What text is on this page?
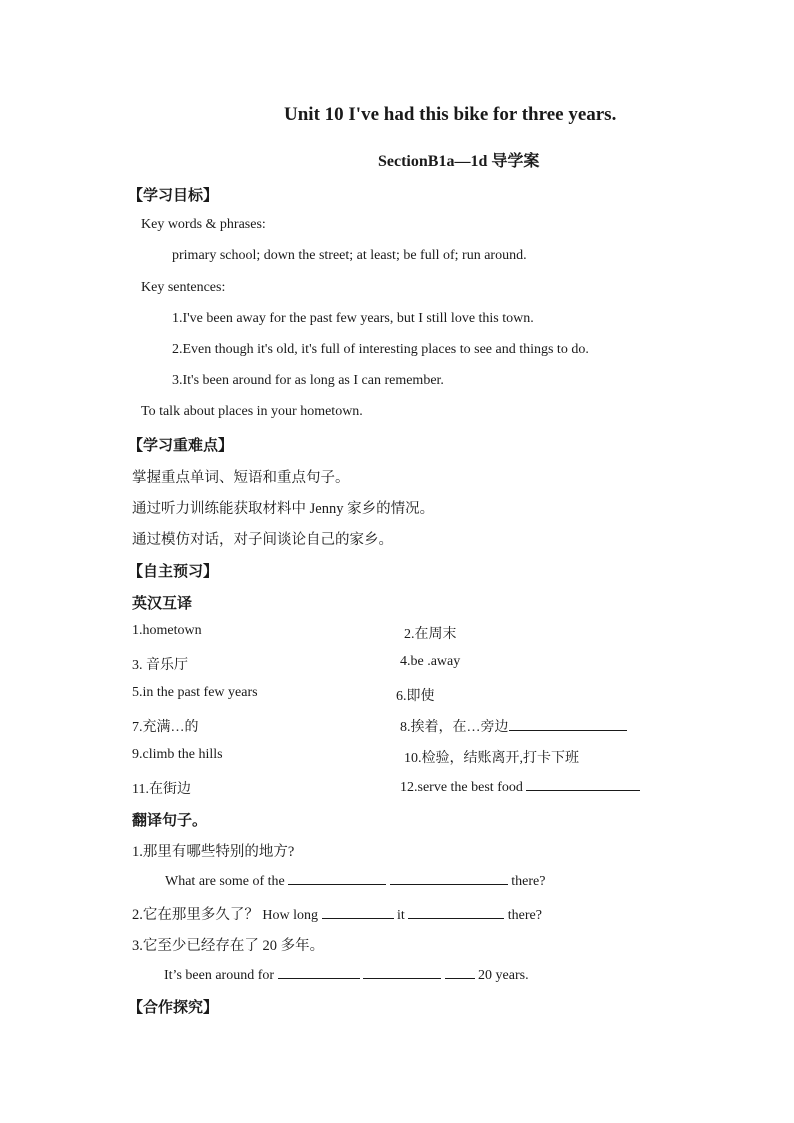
Unit 10 I've had this bike for three years.
SectionB1a—1d 导学案
【学习目标】
Key words & phrases:
primary school; down the street; at least; be full of; run around.
Key sentences:
1.I've been away for the past few years, but I still love this town.
2.Even though it's old, it's full of interesting places to see and things to do.
3.It's been around for as long as I can remember.
To talk about places in your hometown.
【学习重难点】
掌握重点单词、短语和重点句子。
通过听力训练能获取材料中 Jenny 家乡的情况。
通过模仿对话，对子间谈论自己的家乡。
【自主预习】
英汉互译
1.hometown	2.在周末
3. 音乐厅	4.be .away
5.in the past few years	6.即使
7.充满…的	8.挨着，在…旁边
9.climb the hills	10.检验，结账离开,打卡下班
11.在街边	12.serve the best food
翻译句子。
1.那里有哪些特别的地方?
What are some of the	there?
2.它在那里多久了？ How long	it	there?
3.它至少已经存在了 20 多年。
It’s been around for	20 years.
【合作探究】
